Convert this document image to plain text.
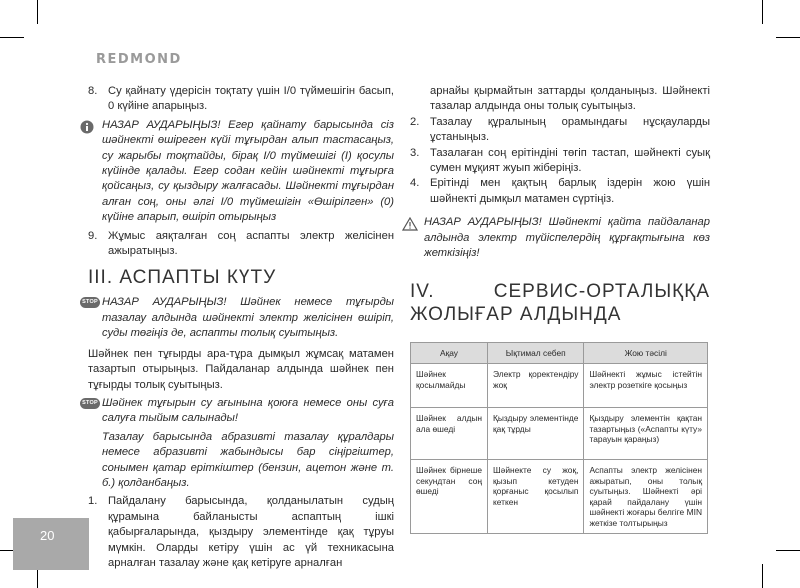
REDMOND
8. Су қайнату үдерісін тоқтату үшін I/0 түймешігін басып, 0 күйіне апарыңыз.

НАЗАР АУДАРЫҢЫЗ! Егер қайнату барысында сіз шәйнекті өшіреген күйі тұғырдан алып тастасаңыз, су жарыбы тоқтайды, бірақ I/0 түймешігі (I) қосулы күйінде қалады. Егер содан кейін шәйнекті тұғырға қойсаңыз, су қыздыру жалғасады. Шәйнекті тұғырдан алған соң, оны әлгі I/0 түймешігін «Өшірілген» (0) күйіне апарып, өшіріп отырыңыз

9. Жұмыс аяқталған соң аспапты электр желісінен ажыратыңыз.
III. АСПАПТЫ КҮТУ
STOP НАЗАР АУДАРЫҢЫЗ! Шәйнек немесе тұғырды тазалау алдында шәйнекті электр желісінен өшіріп, суды төгіңіз де, аспапты толық суытыңыз.

Шәйнек пен тұғырды ара-тұра дымқыл жұмсақ матамен тазартып отырыңыз. Пайдаланар алдында шәйнек пен тұғырды толық суытыңыз.

STOP Шәйнек тұғырын су ағынына қоюға немесе оны суға салуға тыйым салынады!

Тазалау барысында абразивті тазалау құралдары немесе абразивті жабындысы бар сіңіргіштер, сонымен қатар еріткіштер (бензин, ацетон және т. б.) қолданбаңыз.

1. Пайдалану барысында, қолданылатын судың құрамына байланысты аспаптың ішкі қабырғаларында, қыздыру элементінде қақ тұруы мүмкін. Оларды кетіру үшін ас үй техникасына арналған тазалау және қақ кетіруге арналған
арнайы қырмайтын заттарды қолданыңыз. Шәйнекті тазалар алдында оны толық суытыңыз.
2. Тазалау құралының орамындағы нұсқауларды ұстаныңыз.
3. Тазалаған соң ерітіндіні төгіп тастап, шәйнекті суық сумен мұқият жуып жіберіңіз.
4. Ерітінді мен қақтың барлық іздерін жою үшін шәйнекті дымқыл матамен сүртіңіз.

НАЗАР АУДАРЫҢЫЗ! Шәйнекті қайта пайдаланар алдында электр түйіспелердің құрғақтығына көз жеткізіңіз!

IV. СЕРВИС-ОРТАЛЫҚҚА ЖОЛЫҒАР АЛДЫНДА
Ақау	Ықтимал себеп	Жою тәсілі
Шәйнек қосылмайды	Электр қоректендіру жоқ	Шәйнекті жұмыс істейтін электр розеткіге қосыңыз
Шәйнек алдын ала өшеді	Қыздыру элементінде қақ тұрды	Қыздыру элементін қақтан тазартыңыз («Аспапты күту» тарауын қараңыз)
Шәйнек бірнеше секундтан соң өшеді	Шәйнекте су жоқ, қызып кетуден қорғаныс қосылып кеткен	Аспапты электр желісінен ажыратып, оны толық суытыңыз. Шәйнекті әрі қарай пайдалану үшін шәйнекті жоғары белгіге MIN жеткізе толтырыңыз
20
